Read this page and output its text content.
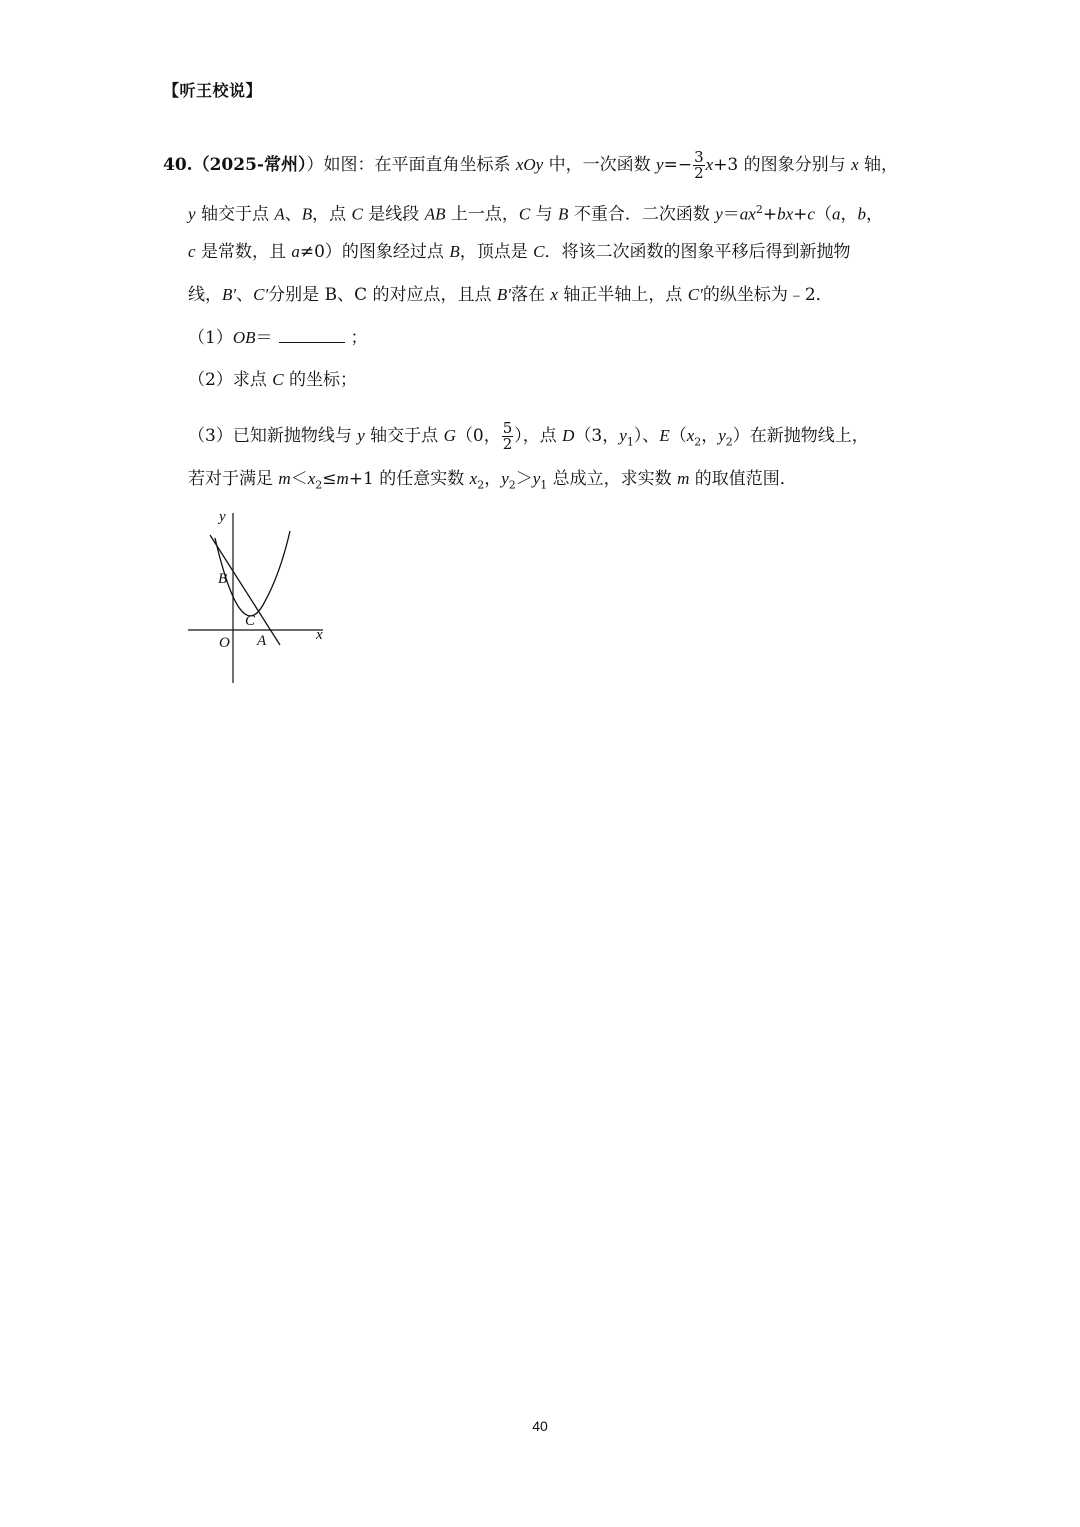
【听王校说】
40.（2025-常州））如图：在平面直角坐标系 xOy 中，一次函数 $y=- \frac{3}{2} x+3$ 的图象分别与 x 轴，
y 轴交于点 A、B，点 C 是线段 AB 上一点，C 与 B 不重合．二次函数 $y=ax^2+bx+c(a$，b，
c 是常数，且 a≠0）的图象经过点 B，顶点是 C．将该二次函数的图象平移后得到新抛物
线，B′、C′分别是 B、C 的对应点，且点 B′落在 x 轴正半轴上，点 C′的纵坐标为﹣2．
（1）OB＝	；
（2）求点 C 的坐标；
（3）已知新抛物线与 y 轴交于点 G（0， $\frac{5}{2}$ ），点 D（3，$y_1$）、$E(x_2$，$y_2$）在新抛物线上，
若对于满足 $m<x_2\le m+1$ 的任意实数 $x_2$，$y_2>y_1$ 总成立，求实数 m 的取值范围．
y
x
O A
B
C
40
